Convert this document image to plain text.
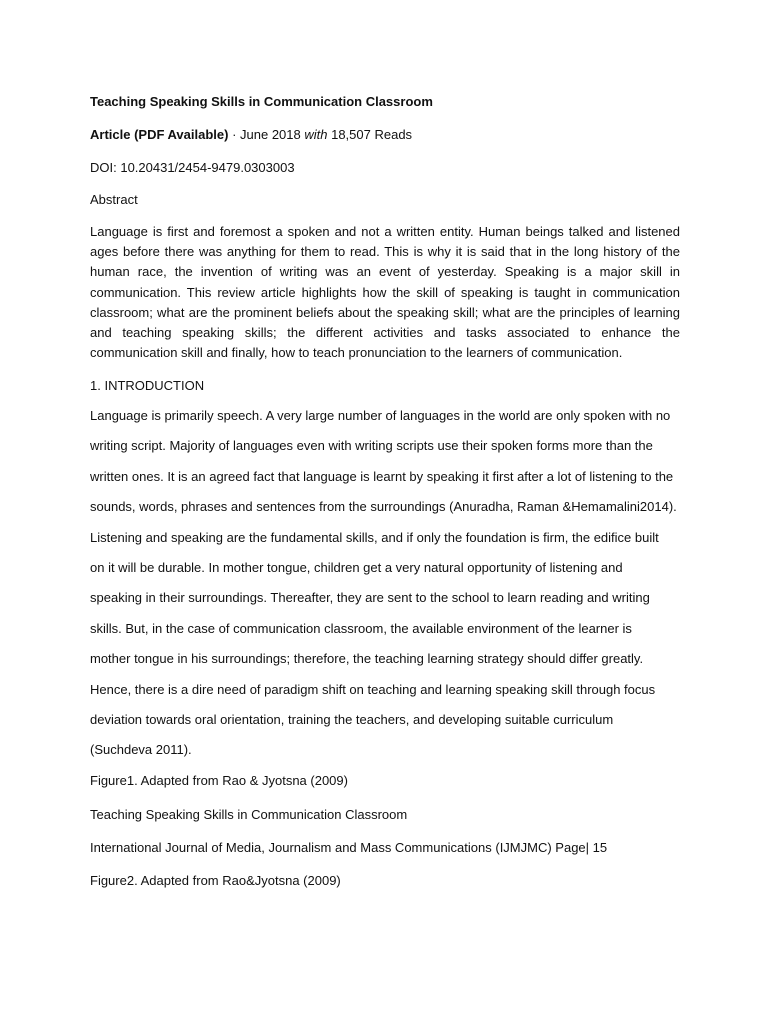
Teaching Speaking Skills in Communication Classroom
Article (PDF Available) · June 2018 with 18,507 Reads
DOI: 10.20431/2454-9479.0303003
Abstract
Language is first and foremost a spoken and not a written entity. Human beings talked and listened ages before there was anything for them to read. This is why it is said that in the long history of the human race, the invention of writing was an event of yesterday. Speaking is a major skill in communication. This review article highlights how the skill of speaking is taught in communication classroom; what are the prominent beliefs about the speaking skill; what are the principles of learning and teaching speaking skills; the different activities and tasks associated to enhance the communication skill and finally, how to teach pronunciation to the learners of communication.
1. INTRODUCTION
Language is primarily speech. A very large number of languages in the world are only spoken with no
writing script. Majority of languages even with writing scripts use their spoken forms more than the
written ones. It is an agreed fact that language is learnt by speaking it first after a lot of listening to the
sounds, words, phrases and sentences from the surroundings (Anuradha, Raman &Hemamalini2014).
Listening and speaking are the fundamental skills, and if only the foundation is firm, the edifice built
on it will be durable. In mother tongue, children get a very natural opportunity of listening and
speaking in their surroundings. Thereafter, they are sent to the school to learn reading and writing
skills. But, in the case of communication classroom, the available environment of the learner is
mother tongue in his surroundings; therefore, the teaching learning strategy should differ greatly.
Hence, there is a dire need of paradigm shift on teaching and learning speaking skill through focus
deviation towards oral orientation, training the teachers, and developing suitable curriculum
(Suchdeva 2011).
Figure1. Adapted from Rao & Jyotsna (2009)
Teaching Speaking Skills in Communication Classroom
International Journal of Media, Journalism and Mass Communications (IJMJMC) Page| 15
Figure2. Adapted from Rao&Jyotsna (2009)
